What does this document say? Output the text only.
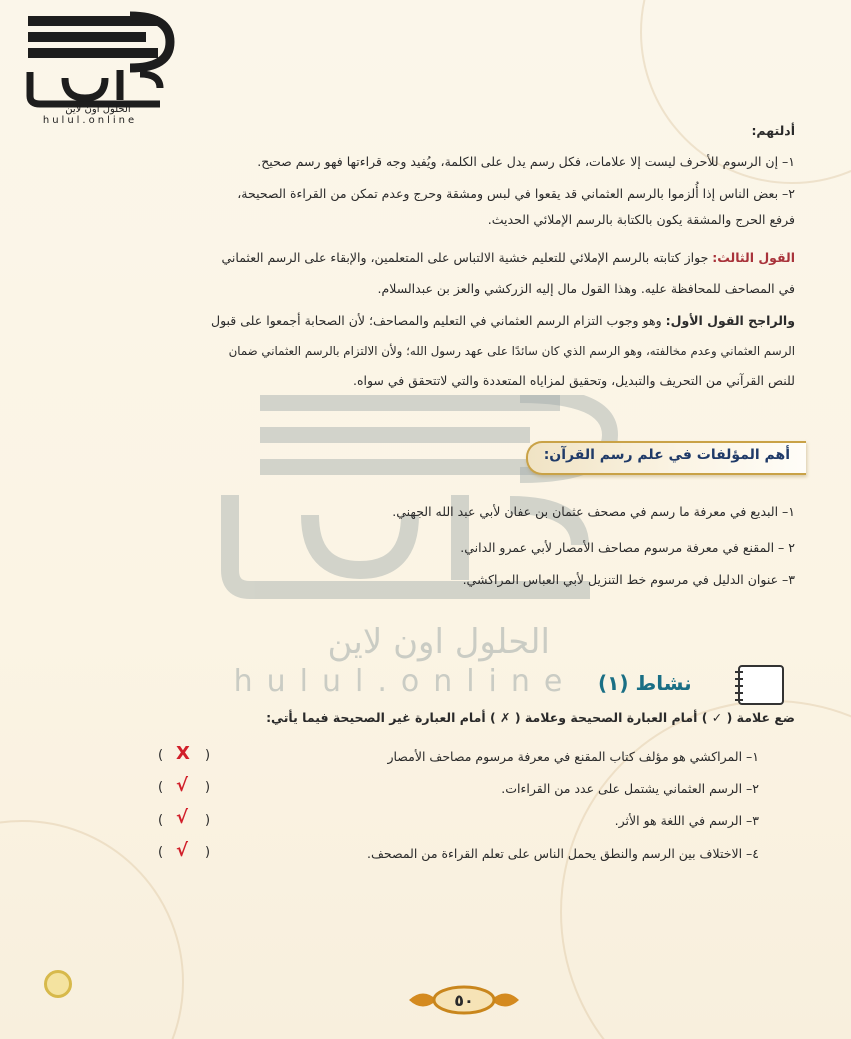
الحلول اون لاين
hulul.online
الحلول اون لاين
hulul.online
أدلتهم:
١– إن الرسوم للأحرف ليست إلا علامات، فكل رسم يدل على الكلمة، ويُفيد وجه قراءتها فهو رسم صحيح.
٢– بعض الناس إذا أُلزموا بالرسم العثماني قد يقعوا في لبس ومشقة وحرج وعدم تمكن من القراءة الصحيحة،
فرفع الحرج والمشقة يكون بالكتابة بالرسم الإملائي الحديث.
القول الثالث: جواز كتابته بالرسم الإملائي للتعليم خشية الالتباس على المتعلمين، والإبقاء على الرسم العثماني
في المصاحف للمحافظة عليه. وهذا القول مال إليه الزركشي والعز بن عبدالسلام.
والراجح القول الأول: وهو وجوب التزام الرسم العثماني في التعليم والمصاحف؛ لأن الصحابة أجمعوا على قبول
الرسم العثماني وعدم مخالفته، وهو الرسم الذي كان سائدًا على عهد رسول الله؛ ولأن الالتزام بالرسم العثماني ضمان
للنص القرآني من التحريف والتبديل، وتحقيق لمزاياه المتعددة والتي لاتتحقق في سواه.
أهم المؤلفات في علم رسم القرآن:
١– البديع في معرفة ما رسم في مصحف عثمان بن عفان لأبي عبد الله الجهني.
٢ – المقنع في معرفة مرسوم مصاحف الأمصار لأبي عمرو الداني.
٣– عنوان الدليل في مرسوم خط التنزيل لأبي العباس المراكشي.
نشاط (١)
ضع علامة ( ✓ ) أمام العبارة الصحيحة وعلامة ( ✗ ) أمام العبارة غير الصحيحة فيما يأتي:
١– المراكشي هو مؤلف كتاب المقنع في معرفة مرسوم مصاحف الأمصار
٢– الرسم العثماني يشتمل على عدد من القراءات.
٣– الرسم في اللغة هو الأثر.
٤– الاختلاف بين الرسم والنطق يحمل الناس على تعلم القراءة من المصحف.
( X )
( √ )
( √ )
( √ )
٥٠
